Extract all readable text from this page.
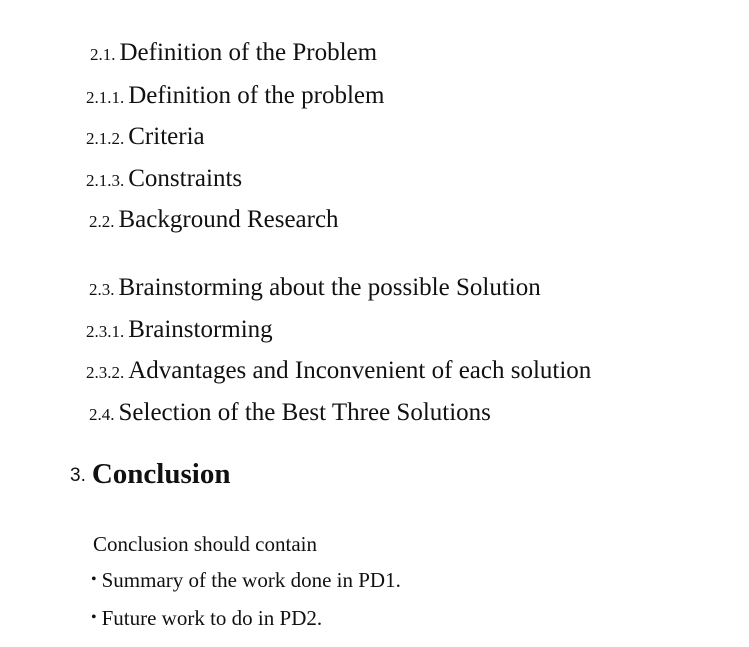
2.1. Definition of the Problem
2.1.1. Definition of the problem
2.1.2. Criteria
2.1.3. Constraints
2.2. Background Research
2.3. Brainstorming about the possible Solution
2.3.1. Brainstorming
2.3.2. Advantages and Inconvenient of each solution
2.4. Selection of the Best Three Solutions
3. Conclusion
Conclusion should contain
• Summary of the work done in PD1.
• Future work to do in PD2.
